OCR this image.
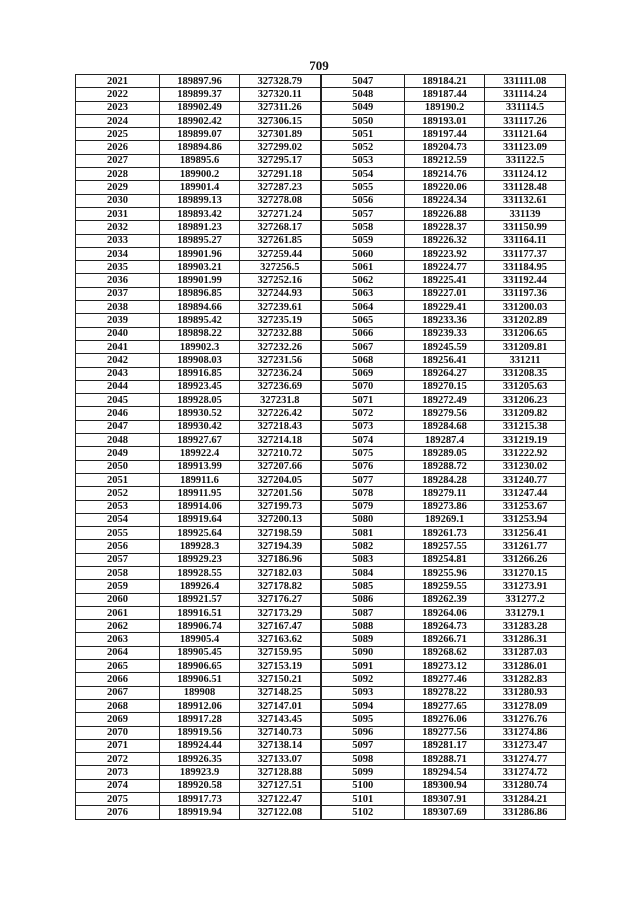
709
2021	189897.96	327328.79	5047	189184.21	331111.08
2022	189899.37	327320.11	5048	189187.44	331114.24
2023	189902.49	327311.26	5049	189190.2	331114.5
2024	189902.42	327306.15	5050	189193.01	331117.26
2025	189899.07	327301.89	5051	189197.44	331121.64
2026	189894.86	327299.02	5052	189204.73	331123.09
2027	189895.6	327295.17	5053	189212.59	331122.5
2028	189900.2	327291.18	5054	189214.76	331124.12
2029	189901.4	327287.23	5055	189220.06	331128.48
2030	189899.13	327278.08	5056	189224.34	331132.61
2031	189893.42	327271.24	5057	189226.88	331139
2032	189891.23	327268.17	5058	189228.37	331150.99
2033	189895.27	327261.85	5059	189226.32	331164.11
2034	189901.96	327259.44	5060	189223.92	331177.37
2035	189903.21	327256.5	5061	189224.77	331184.95
2036	189901.99	327252.16	5062	189225.41	331192.44
2037	189896.85	327244.93	5063	189227.01	331197.36
2038	189894.66	327239.61	5064	189229.41	331200.03
2039	189895.42	327235.19	5065	189233.36	331202.89
2040	189898.22	327232.88	5066	189239.33	331206.65
2041	189902.3	327232.26	5067	189245.59	331209.81
2042	189908.03	327231.56	5068	189256.41	331211
2043	189916.85	327236.24	5069	189264.27	331208.35
2044	189923.45	327236.69	5070	189270.15	331205.63
2045	189928.05	327231.8	5071	189272.49	331206.23
2046	189930.52	327226.42	5072	189279.56	331209.82
2047	189930.42	327218.43	5073	189284.68	331215.38
2048	189927.67	327214.18	5074	189287.4	331219.19
2049	189922.4	327210.72	5075	189289.05	331222.92
2050	189913.99	327207.66	5076	189288.72	331230.02
2051	189911.6	327204.05	5077	189284.28	331240.77
2052	189911.95	327201.56	5078	189279.11	331247.44
2053	189914.06	327199.73	5079	189273.86	331253.67
2054	189919.64	327200.13	5080	189269.1	331253.94
2055	189925.64	327198.59	5081	189261.73	331256.41
2056	189928.3	327194.39	5082	189257.55	331261.77
2057	189929.23	327186.96	5083	189254.81	331266.26
2058	189928.55	327182.03	5084	189255.96	331270.15
2059	189926.4	327178.82	5085	189259.55	331273.91
2060	189921.57	327176.27	5086	189262.39	331277.2
2061	189916.51	327173.29	5087	189264.06	331279.1
2062	189906.74	327167.47	5088	189264.73	331283.28
2063	189905.4	327163.62	5089	189266.71	331286.31
2064	189905.45	327159.95	5090	189268.62	331287.03
2065	189906.65	327153.19	5091	189273.12	331286.01
2066	189906.51	327150.21	5092	189277.46	331282.83
2067	189908	327148.25	5093	189278.22	331280.93
2068	189912.06	327147.01	5094	189277.65	331278.09
2069	189917.28	327143.45	5095	189276.06	331276.76
2070	189919.56	327140.73	5096	189277.56	331274.86
2071	189924.44	327138.14	5097	189281.17	331273.47
2072	189926.35	327133.07	5098	189288.71	331274.77
2073	189923.9	327128.88	5099	189294.54	331274.72
2074	189920.58	327127.51	5100	189300.94	331280.74
2075	189917.73	327122.47	5101	189307.91	331284.21
2076	189919.94	327122.08	5102	189307.69	331286.86
